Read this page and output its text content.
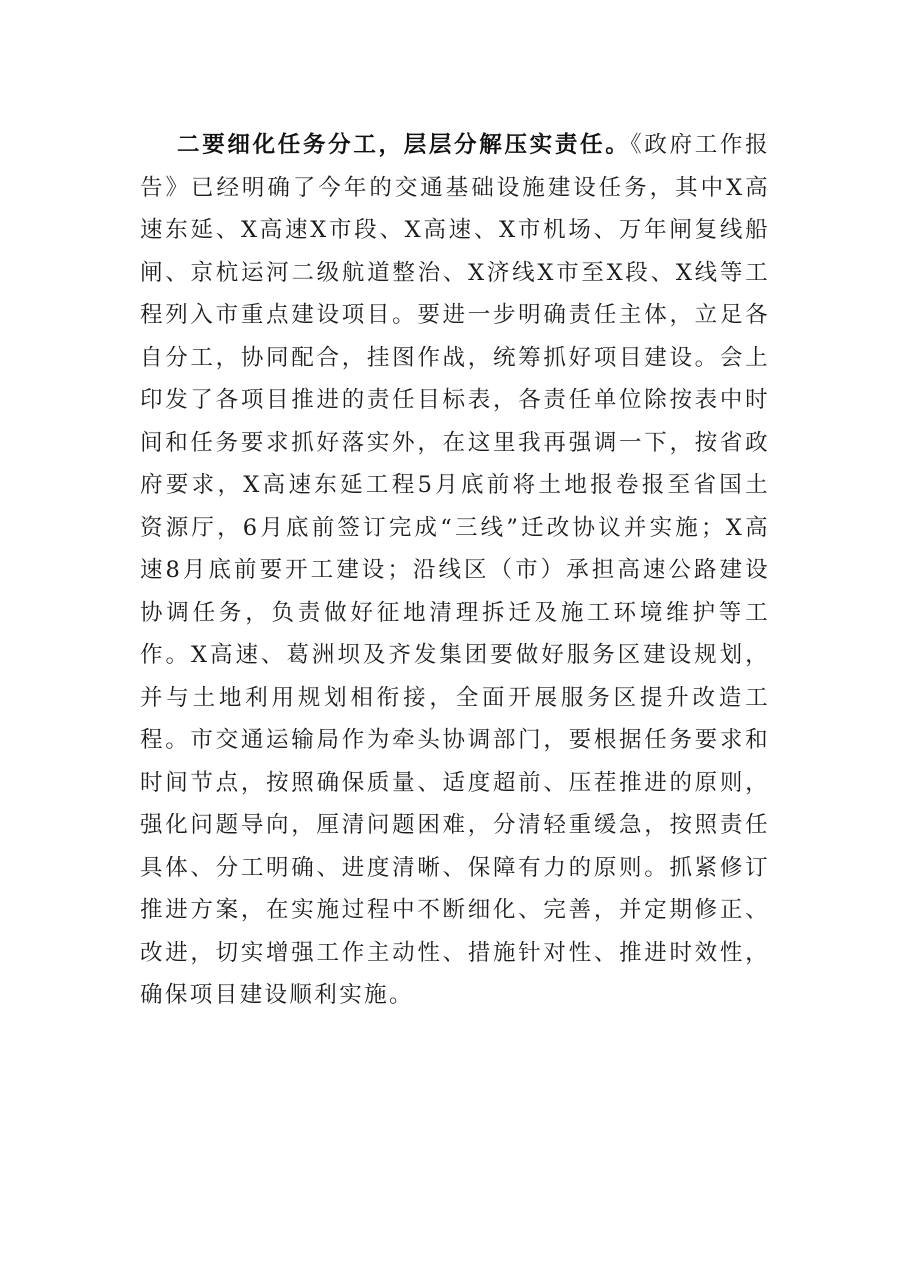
二要细化任务分工，层层分解压实责任。《政府工作报告》已经明确了今年的交通基础设施建设任务，其中X高速东延、X高速X市段、X高速、X市机场、万年闸复线船闸、京杭运河二级航道整治、X济线X市至X段、X线等工程列入市重点建设项目。要进一步明确责任主体，立足各自分工，协同配合，挂图作战，统筹抓好项目建设。会上印发了各项目推进的责任目标表，各责任单位除按表中时间和任务要求抓好落实外，在这里我再强调一下，按省政府要求，X高速东延工程5月底前将土地报卷报至省国土资源厅，6月底前签订完成“三线”迁改协议并实施；X高速8月底前要开工建设；沿线区（市）承担高速公路建设协调任务，负责做好征地清理拆迁及施工环境维护等工作。X高速、葛洲坝及齐发集团要做好服务区建设规划，并与土地利用规划相衔接，全面开展服务区提升改造工程。市交通运输局作为牵头协调部门，要根据任务要求和时间节点，按照确保质量、适度超前、压茬推进的原则，强化问题导向，厘清问题困难，分清轻重缓急，按照责任具体、分工明确、进度清晰、保障有力的原则。抓紧修订推进方案，在实施过程中不断细化、完善，并定期修正、改进，切实增强工作主动性、措施针对性、推进时效性，确保项目建设顺利实施。
